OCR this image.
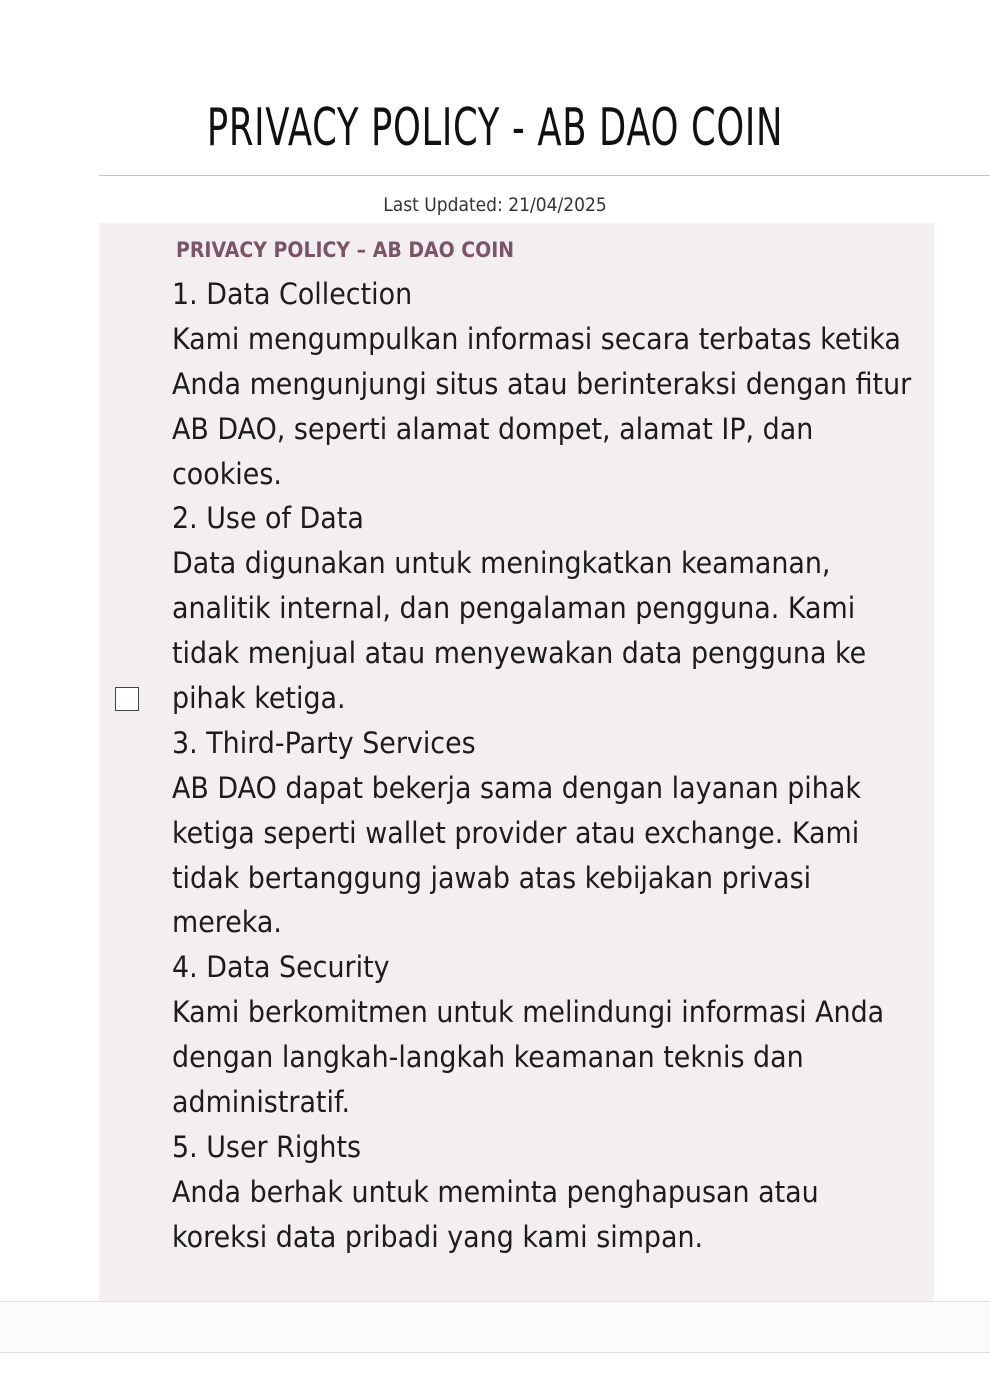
PRIVACY POLICY - AB DAO COIN
Last Updated: 21/04/2025
PRIVACY POLICY – AB DAO COIN
1. Data Collection
Kami mengumpulkan informasi secara terbatas ketika
Anda mengunjungi situs atau berinteraksi dengan fitur
AB DAO, seperti alamat dompet, alamat IP, dan
cookies.
2. Use of Data
Data digunakan untuk meningkatkan keamanan,
analitik internal, dan pengalaman pengguna. Kami
tidak menjual atau menyewakan data pengguna ke
pihak ketiga.
3. Third-Party Services
AB DAO dapat bekerja sama dengan layanan pihak
ketiga seperti wallet provider atau exchange. Kami
tidak bertanggung jawab atas kebijakan privasi
mereka.
4. Data Security
Kami berkomitmen untuk melindungi informasi Anda
dengan langkah-langkah keamanan teknis dan
administratif.
5. User Rights
Anda berhak untuk meminta penghapusan atau
koreksi data pribadi yang kami simpan.
